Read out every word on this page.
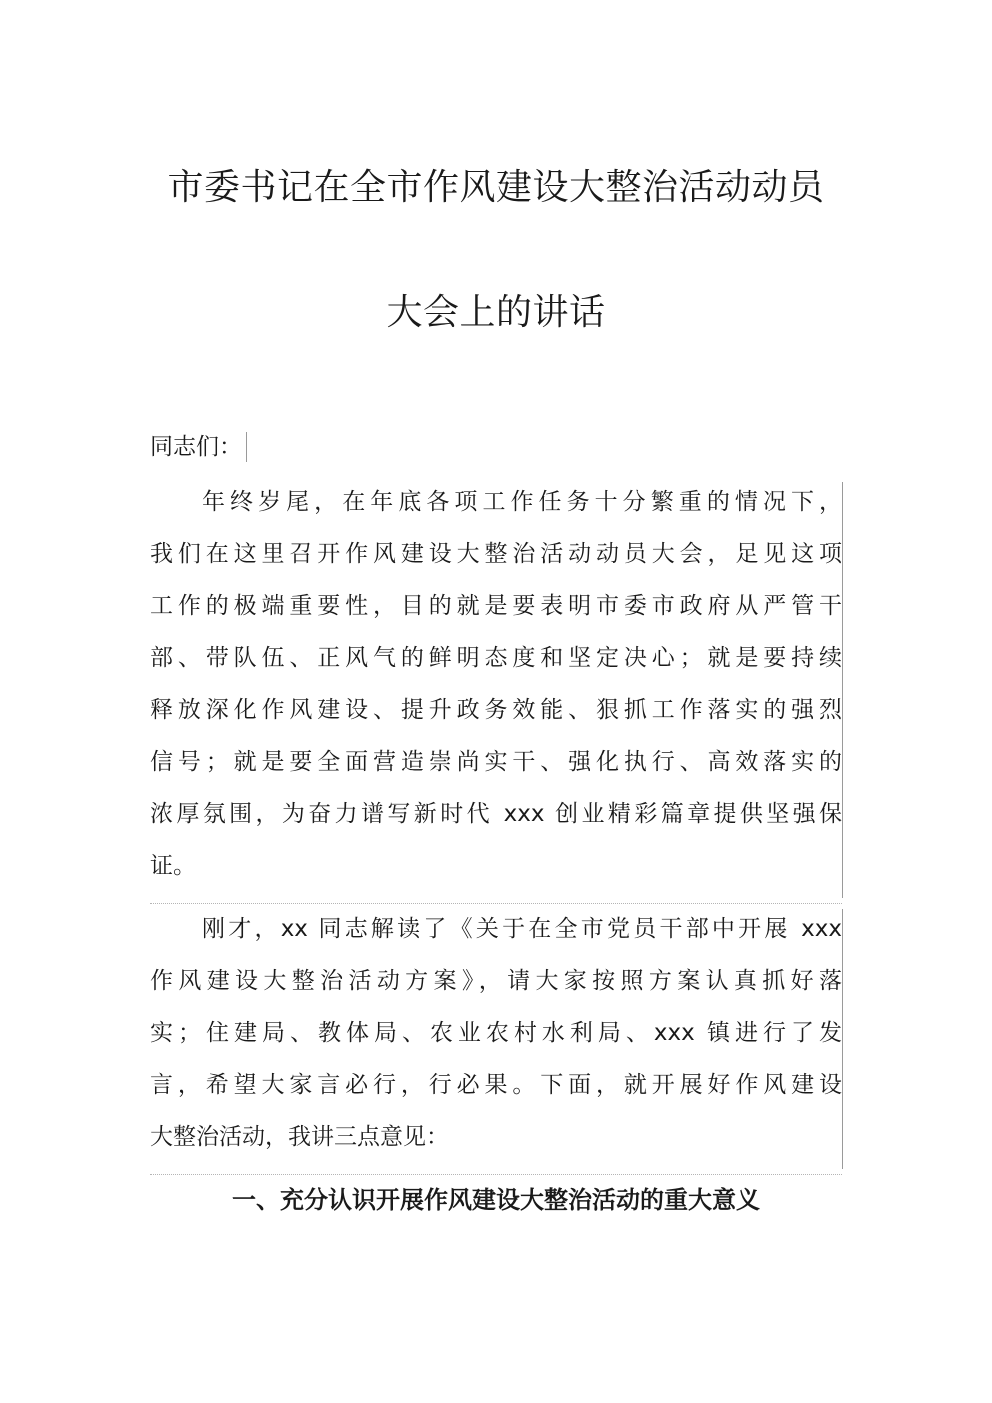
市委书记在全市作风建设大整治活动动员
大会上的讲话
同志们：
年终岁尾，在年底各项工作任务十分繁重的情况下，
我们在这里召开作风建设大整治活动动员大会，足见这项
工作的极端重要性，目的就是要表明市委市政府从严管干
部、带队伍、正风气的鲜明态度和坚定决心；就是要持续
释放深化作风建设、提升政务效能、狠抓工作落实的强烈
信号；就是要全面营造崇尚实干、强化执行、高效落实的
浓厚氛围，为奋力谱写新时代 xxx 创业精彩篇章提供坚强保
证。
刚才，xx 同志解读了《关于在全市党员干部中开展 xxx
作风建设大整治活动方案》，请大家按照方案认真抓好落
实；住建局、教体局、农业农村水利局、xxx 镇进行了发
言，希望大家言必行，行必果。下面，就开展好作风建设
大整治活动，我讲三点意见：
一、充分认识开展作风建设大整治活动的重大意义
